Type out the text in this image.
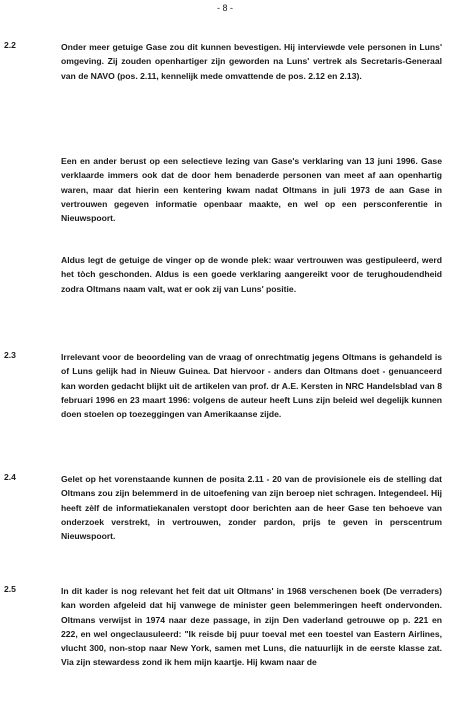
- 8 -
2.2	Onder meer getuige Gase zou dit kunnen bevestigen. Hij interviewde vele personen in Luns' omgeving. Zij zouden openhartiger zijn geworden na Luns' vertrek als Secretaris-Generaal van de NAVO (pos. 2.11, kennelijk mede omvattende de pos. 2.12 en 2.13).
Een en ander berust op een selectieve lezing van Gase's verklaring van 13 juni 1996. Gase verklaarde immers ook dat de door hem benaderde personen van meet af aan openhartig waren, maar dat hierin een kentering kwam nadat Oltmans in juli 1973 de aan Gase in vertrouwen gegeven informatie openbaar maakte, en wel op een persconferentie in Nieuwspoort.
Aldus legt de getuige de vinger op de wonde plek: waar vertrouwen was gestipuleerd, werd het tòch geschonden. Aldus is een goede verklaring aangereikt voor de terughoudendheid zodra Oltmans naam valt, wat er ook zij van Luns' positie.
2.3	Irrelevant voor de beoordeling van de vraag of onrechtmatig jegens Oltmans is gehandeld is of Luns gelijk had in Nieuw Guinea. Dat hiervoor - anders dan Oltmans doet - genuanceerd kan worden gedacht blijkt uit de artikelen van prof. dr A.E. Kersten in NRC Handelsblad van 8 februari 1996 en 23 maart 1996: volgens de auteur heeft Luns zijn beleid wel degelijk kunnen doen stoelen op toezeggingen van Amerikaanse zijde.
2.4	Gelet op het vorenstaande kunnen de posita 2.11 - 20 van de provisionele eis de stelling dat Oltmans zou zijn belemmerd in de uitoefening van zijn beroep niet schragen. Integendeel. Hij heeft zèlf de informatiekanalen verstopt door berichten aan de heer Gase ten behoeve van onderzoek verstrekt, in vertrouwen, zonder pardon, prijs te geven in perscentrum Nieuwspoort.
2.5	In dit kader is nog relevant het feit dat uit Oltmans' in 1968 verschenen boek (De verraders) kan worden afgeleid dat hij vanwege de minister geen belemmeringen heeft ondervonden. Oltmans verwijst in 1974 naar deze passage, in zijn Den vaderland getrouwe op p. 221 en 222, en wel ongeclausuleerd: "Ik reisde bij puur toeval met een toestel van Eastern Airlines, vlucht 300, non-stop naar New York, samen met Luns, die natuurlijk in de eerste klasse zat. Via zijn stewardess zond ik hem mijn kaartje. Hij kwam naar de
